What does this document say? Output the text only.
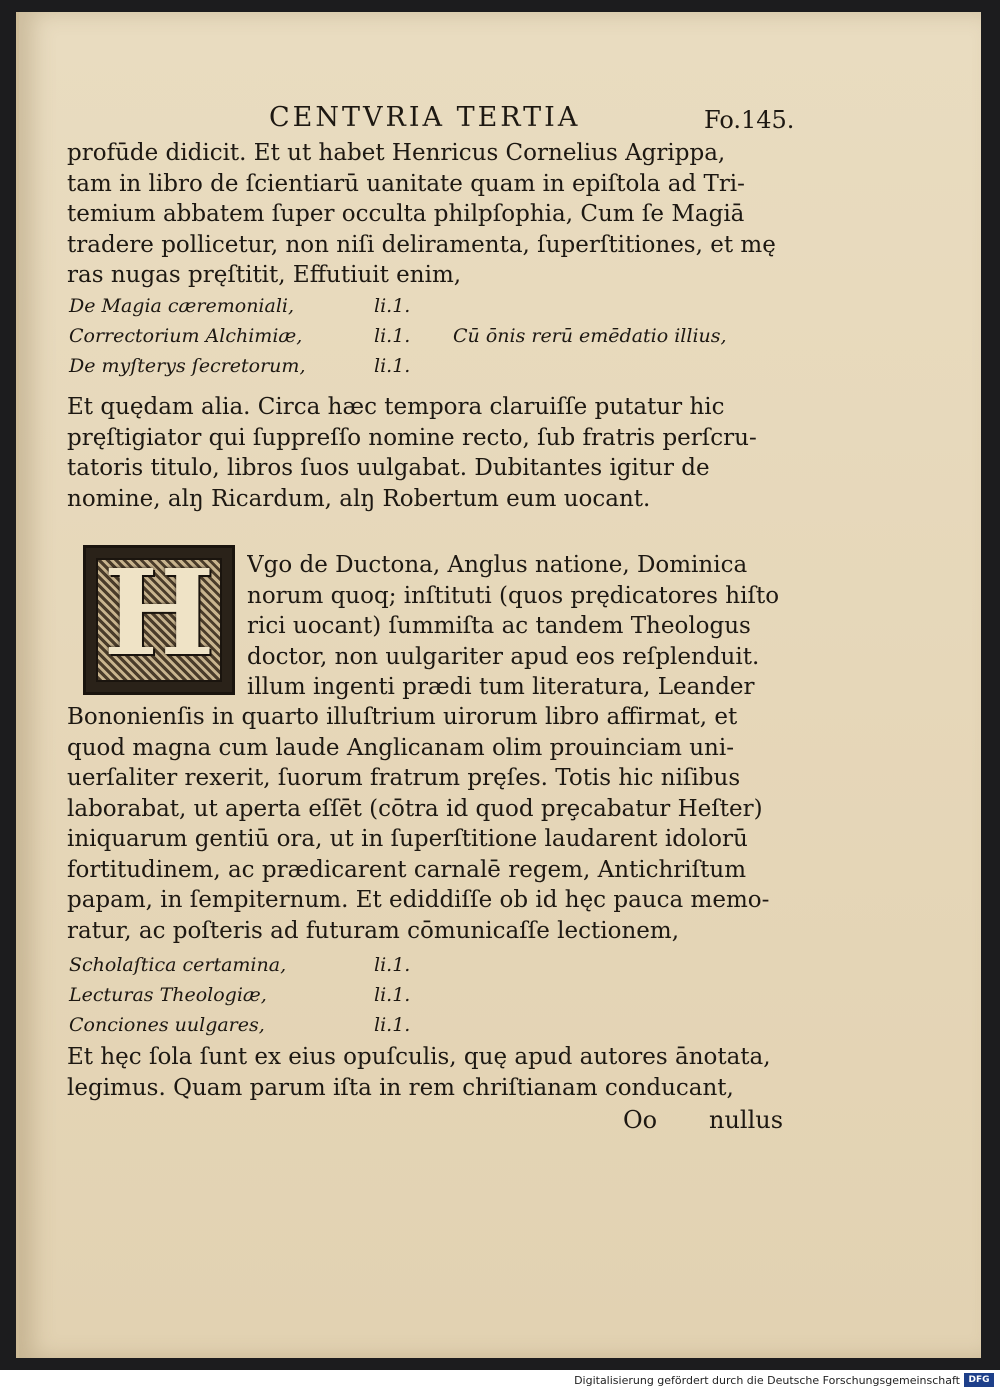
CENTVRIA TERTIA	Fo.145.
profūde didicit. Et ut habet Henricus Cornelius Agrippa,
tam in libro de ſcientiarū uanitate quam in epiſtola ad Tri-
temium abbatem ſuper occulta philpſophia, Cum ſe Magiā
tradere pollicetur, non niſi deliramenta, ſuperſtitiones, et mę
ras nugas pręſtitit, Effutiuit enim,
De Magia cæremoniali,	li.1.
Correctorium Alchimiæ,	li.1. Cū ōnis rerū emēdatio illius,
De myſterys ſecretorum,	li.1.
Et quędam alia. Circa hæc tempora claruiſſe putatur hic
pręſtigiator qui ſuppreſſo nomine recto, ſub fratris perſcru-
tatoris titulo, libros ſuos uulgabat. Dubitantes igitur de
nomine, alŋ Ricardum, alŋ Robertum eum uocant.
H	Vgo de Ductona, Anglus natione, Dominica
norum quoq; inſtituti (quos prędicatores hiſto
rici uocant) ſummiſta ac tandem Theologus
doctor, non uulgariter apud eos reſplenduit.
illum ingenti prædi tum literatura, Leander
Bononienſis in quarto illuſtrium uirorum libro affirmat, et
quod magna cum laude Anglicanam olim prouinciam uni-
uerſaliter rexerit, ſuorum fratrum pręſes. Totis hic niſibus
laborabat, ut aperta eſſēt (cōtra id quod prȩcabatur Heſter)
iniquarum gentiū ora, ut in ſuperſtitione laudarent idolorū
fortitudinem, ac prædicarent carnalē regem, Antichriſtum
papam, in ſempiternum. Et ediddiſſe ob id hęc pauca memo-
ratur, ac poſteris ad futuram cōmunicaſſe lectionem,
Scholaſtica certamina,	li.1.
Lecturas Theologiæ,	li.1.
Conciones uulgares,	li.1.
Et hęc ſola ſunt ex eius opuſculis, quę apud autores ānotata,
legimus. Quam parum iſta in rem chriſtianam conducant,
Oo nullus
Digitalisierung gefördert durch die Deutsche Forschungsgemeinschaft DFG
